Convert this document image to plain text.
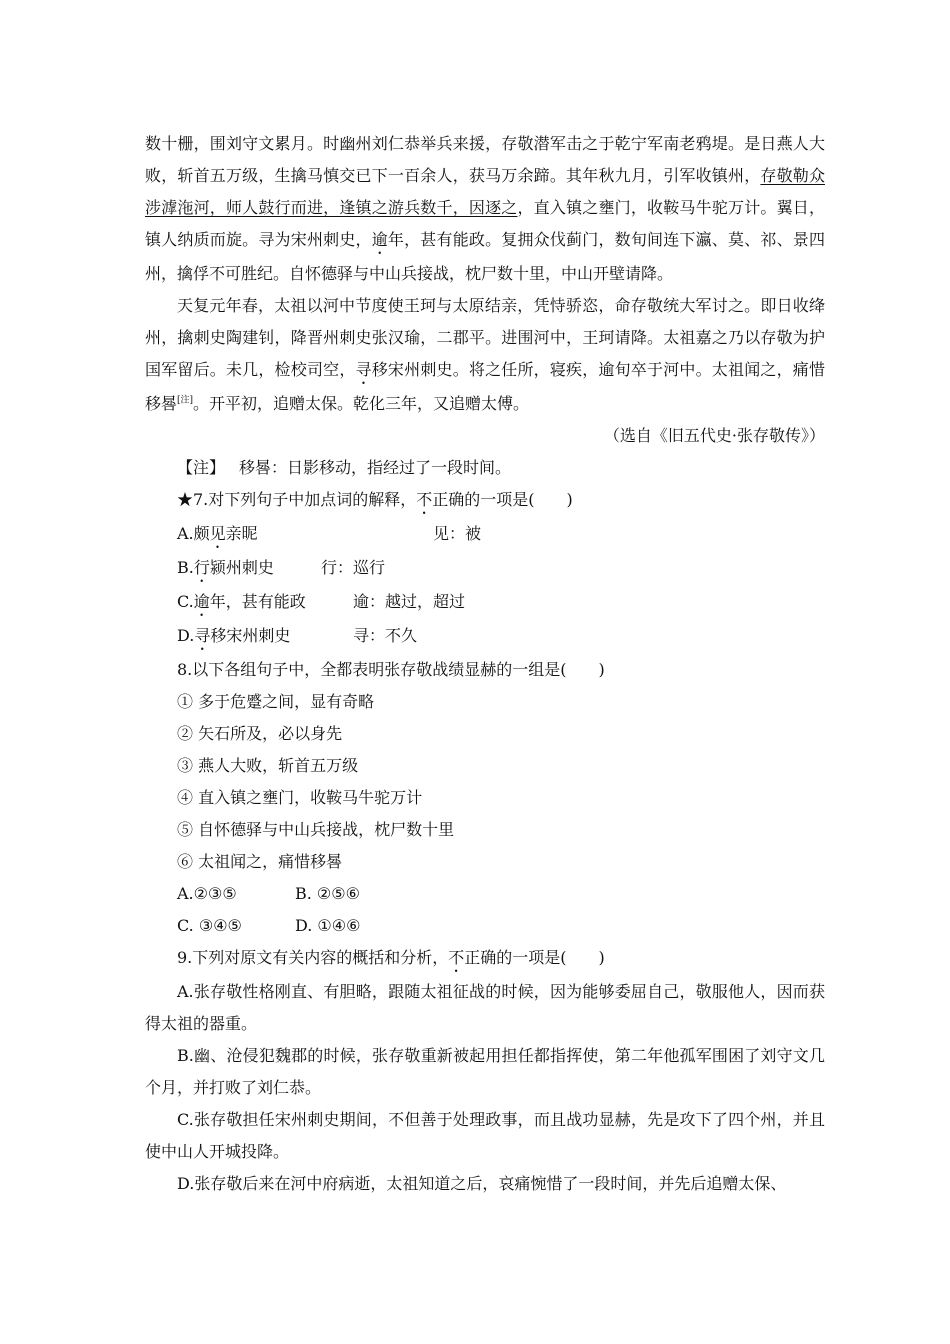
数十栅，围刘守文累月。时幽州刘仁恭举兵来援，存敬潜军击之于乾宁军南老鸦堤。是日燕人大败，斩首五万级，生擒马慎交已下一百余人，获马万余蹄。其年秋九月，引军收镇州，存敬勒众涉滹沲河，师人鼓行而进，逢镇之游兵数千，因逐之，直入镇之壅门，收鞍马牛驼万计。翼日，镇人纳质而旋。寻为宋州刺史，逾年，甚有能政。复拥众伐蓟门，数旬间连下瀛、莫、祁、景四州，擒俘不可胜纪。自怀德驿与中山兵接战，枕尸数十里，中山开壁请降。
天复元年春，太祖以河中节度使王珂与太原结亲，凭恃骄恣，命存敬统大军讨之。即日收绛州，擒刺史陶建钊，降晋州刺史张汉瑜，二郡平。进围河中，王珂请降。太祖嘉之乃以存敬为护国军留后。未几，检校司空，寻移宋州刺史。将之任所，寝疾，逾旬卒于河中。太祖闻之，痛惜移晷[注]。开平初，追赠太保。乾化三年，又追赠太傅。
（选自《旧五代史·张存敬传》）
【注】 移晷：日影移动，指经过了一段时间。
★7.对下列句子中加点词的解释，不正确的一项是(　　)
A.颇见亲昵	见：被
B.行颍州刺史	行：巡行
C.逾年，甚有能政	逾：越过，超过
D.寻移宋州刺史	寻：不久
8.以下各组句子中，全都表明张存敬战绩显赫的一组是(　　)
① 多于危蹙之间，显有奇略
② 矢石所及，必以身先
③ 燕人大败，斩首五万级
④ 直入镇之壅门，收鞍马牛驼万计
⑤ 自怀德驿与中山兵接战，枕尸数十里
⑥ 太祖闻之，痛惜移晷
A.②③⑤	B. ②⑤⑥
C. ③④⑤	D. ①④⑥
9.下列对原文有关内容的概括和分析，不正确的一项是(　　)
A.张存敬性格刚直、有胆略，跟随太祖征战的时候，因为能够委屈自己，敬服他人，因而获得太祖的器重。
B.幽、沧侵犯魏郡的时候，张存敬重新被起用担任都指挥使，第二年他孤军围困了刘守文几个月，并打败了刘仁恭。
C.张存敬担任宋州刺史期间，不但善于处理政事，而且战功显赫，先是攻下了四个州，并且使中山人开城投降。
D.张存敬后来在河中府病逝，太祖知道之后，哀痛惋惜了一段时间，并先后追赠太保、
